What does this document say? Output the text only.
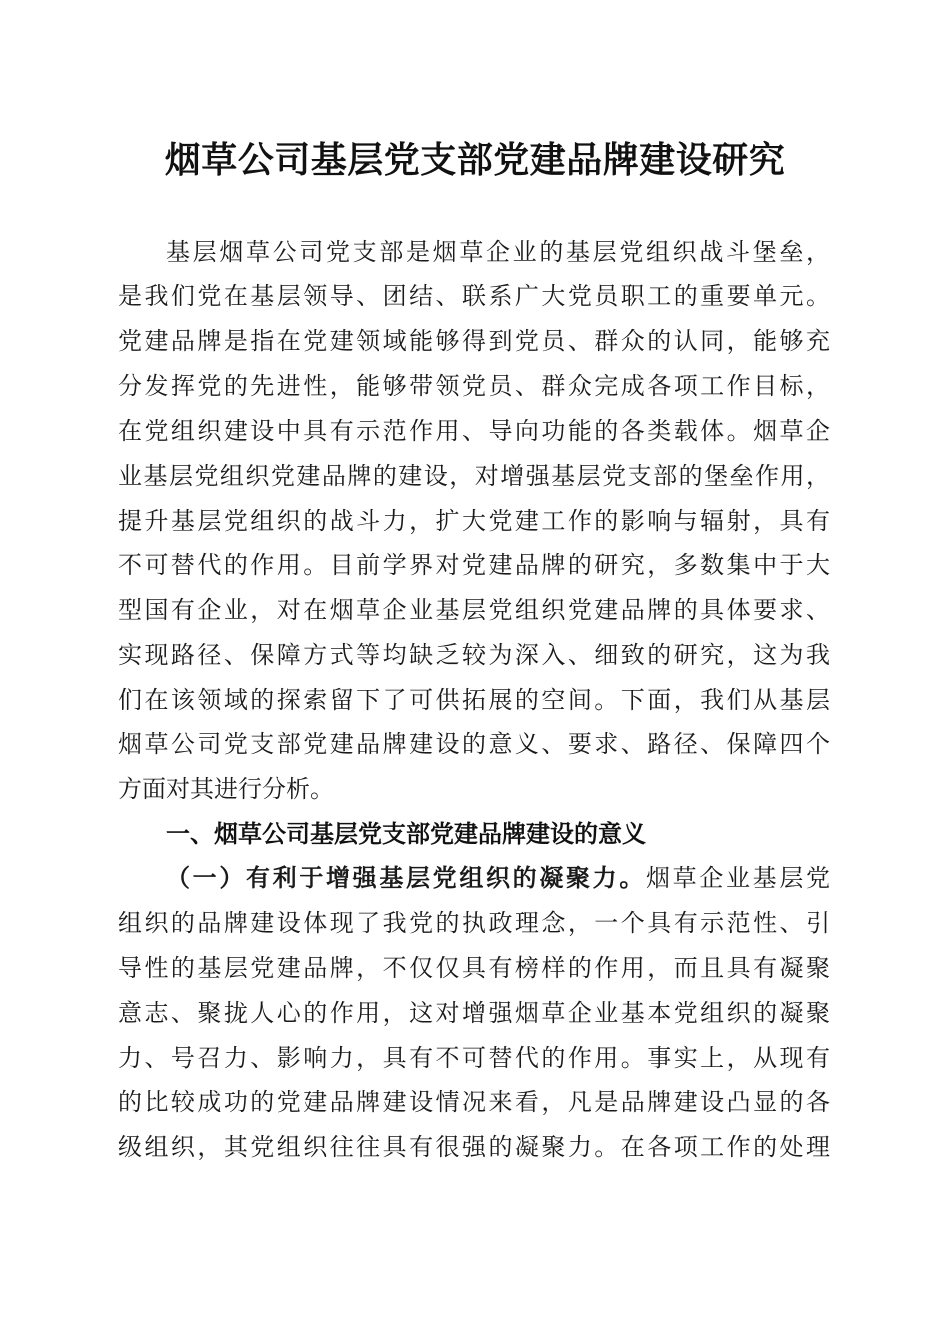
烟草公司基层党支部党建品牌建设研究
基层烟草公司党支部是烟草企业的基层党组织战斗堡垒，
是我们党在基层领导、团结、联系广大党员职工的重要单元。
党建品牌是指在党建领域能够得到党员、群众的认同，能够充
分发挥党的先进性，能够带领党员、群众完成各项工作目标，
在党组织建设中具有示范作用、导向功能的各类载体。烟草企
业基层党组织党建品牌的建设，对增强基层党支部的堡垒作用，
提升基层党组织的战斗力，扩大党建工作的影响与辐射，具有
不可替代的作用。目前学界对党建品牌的研究，多数集中于大
型国有企业，对在烟草企业基层党组织党建品牌的具体要求、
实现路径、保障方式等均缺乏较为深入、细致的研究，这为我
们在该领域的探索留下了可供拓展的空间。下面，我们从基层
烟草公司党支部党建品牌建设的意义、要求、路径、保障四个
方面对其进行分析。
一、烟草公司基层党支部党建品牌建设的意义
（一）有利于增强基层党组织的凝聚力。烟草企业基层党
组织的品牌建设体现了我党的执政理念，一个具有示范性、引
导性的基层党建品牌，不仅仅具有榜样的作用，而且具有凝聚
意志、聚拢人心的作用，这对增强烟草企业基本党组织的凝聚
力、号召力、影响力，具有不可替代的作用。事实上，从现有
的比较成功的党建品牌建设情况来看，凡是品牌建设凸显的各
级组织，其党组织往往具有很强的凝聚力。在各项工作的处理
